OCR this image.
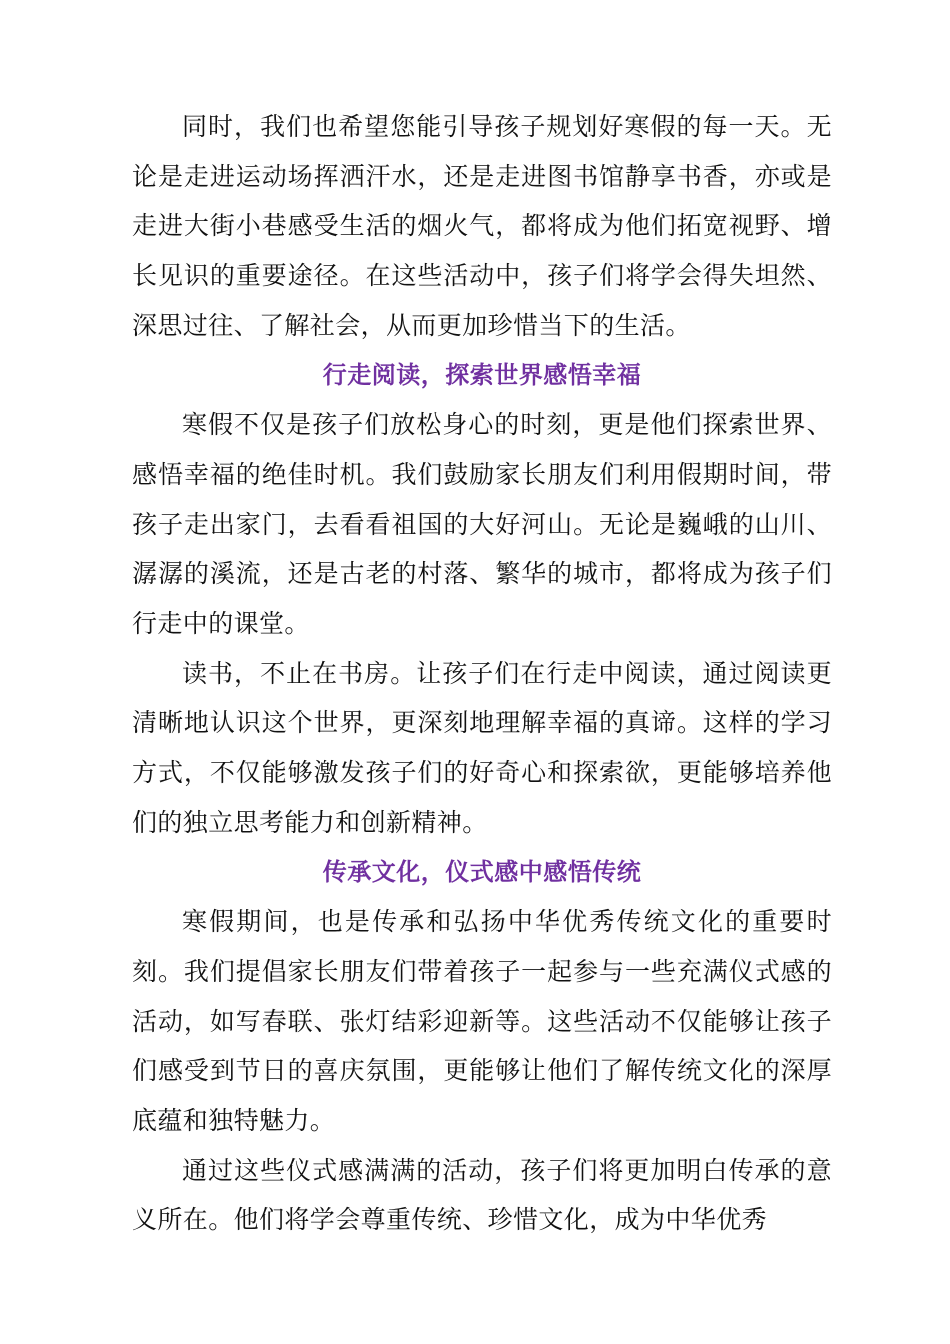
同时，我们也希望您能引导孩子规划好寒假的每一天。无论是走进运动场挥洒汗水，还是走进图书馆静享书香，亦或是走进大街小巷感受生活的烟火气，都将成为他们拓宽视野、增长见识的重要途径。在这些活动中，孩子们将学会得失坦然、深思过往、了解社会，从而更加珍惜当下的生活。

行走阅读，探索世界感悟幸福

寒假不仅是孩子们放松身心的时刻，更是他们探索世界、感悟幸福的绝佳时机。我们鼓励家长朋友们利用假期时间，带孩子走出家门，去看看祖国的大好河山。无论是巍峨的山川、潺潺的溪流，还是古老的村落、繁华的城市，都将成为孩子们行走中的课堂。

读书，不止在书房。让孩子们在行走中阅读，通过阅读更清晰地认识这个世界，更深刻地理解幸福的真谛。这样的学习方式，不仅能够激发孩子们的好奇心和探索欲，更能够培养他们的独立思考能力和创新精神。

传承文化，仪式感中感悟传统

寒假期间，也是传承和弘扬中华优秀传统文化的重要时刻。我们提倡家长朋友们带着孩子一起参与一些充满仪式感的活动，如写春联、张灯结彩迎新等。这些活动不仅能够让孩子们感受到节日的喜庆氛围，更能够让他们了解传统文化的深厚底蕴和独特魅力。

通过这些仪式感满满的活动，孩子们将更加明白传承的意义所在。他们将学会尊重传统、珍惜文化，成为中华优秀
